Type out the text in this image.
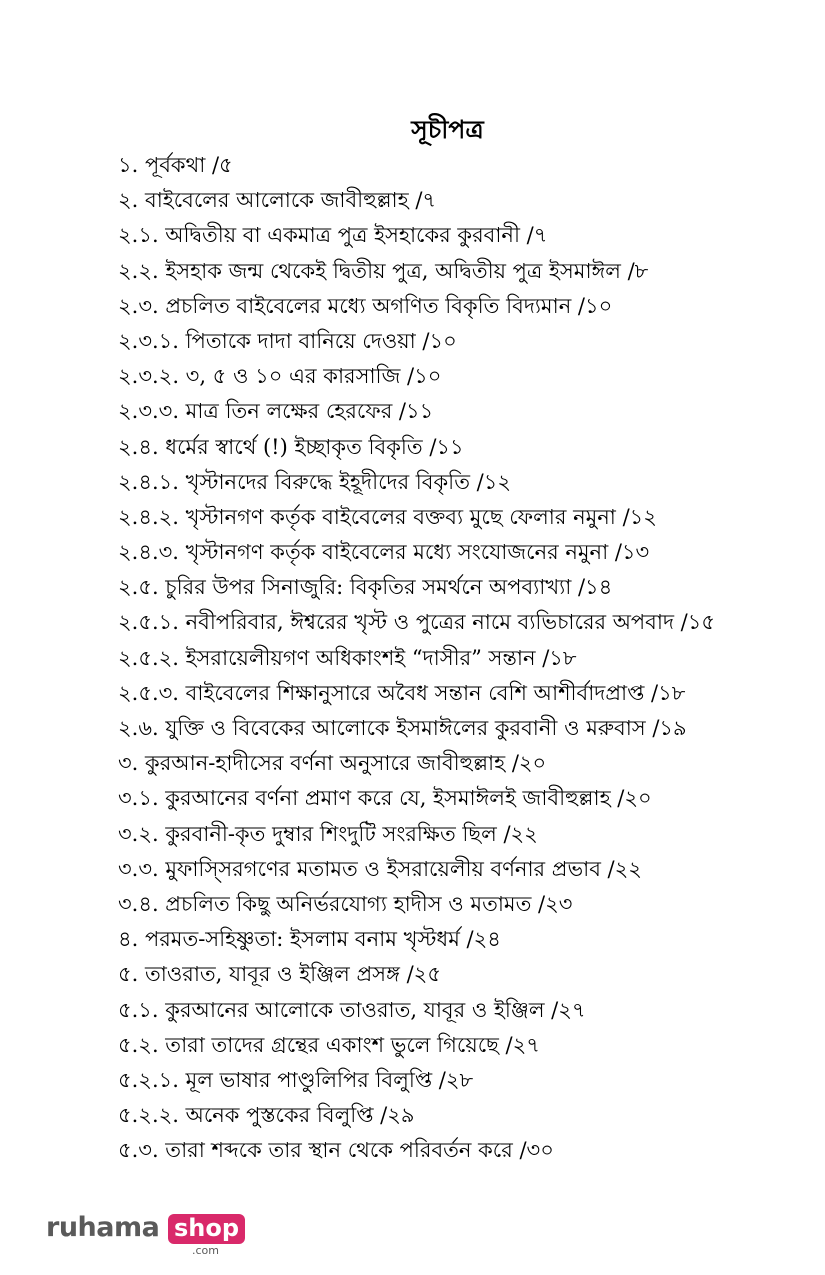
সূচীপত্র
১. পূর্বকথা /৫
২. বাইবেলের আলোকে জাবীহুল্লাহ /৭
২.১. অদ্বিতীয় বা একমাত্র পুত্র ইসহাকের কুরবানী /৭
২.২. ইসহাক জন্ম থেকেই দ্বিতীয় পুত্র, অদ্বিতীয় পুত্র ইসমাঈল /৮
২.৩. প্রচলিত বাইবেলের মধ্যে অগণিত বিকৃতি বিদ্যমান /১০
২.৩.১. পিতাকে দাদা বানিয়ে দেওয়া /১০
২.৩.২. ৩, ৫ ও ১০ এর কারসাজি /১০
২.৩.৩. মাত্র তিন লক্ষের হেরফের /১১
২.৪. ধর্মের স্বার্থে (!) ইচ্ছাকৃত বিকৃতি /১১
২.৪.১. খৃস্টানদের বিরুদ্ধে ইহূদীদের বিকৃতি /১২
২.৪.২. খৃস্টানগণ কর্তৃক বাইবেলের বক্তব্য মুছে ফেলার নমুনা /১২
২.৪.৩. খৃস্টানগণ কর্তৃক বাইবেলের মধ্যে সংযোজনের নমুনা /১৩
২.৫. চুরির উপর সিনাজুরি: বিকৃতির সমর্থনে অপব্যাখ্যা /১৪
২.৫.১. নবীপরিবার, ঈশ্বরের খৃস্ট ও পুত্রের নামে ব্যভিচারের অপবাদ /১৫
২.৫.২. ইসরায়েলীয়গণ অধিকাংশই “দাসীর” সন্তান /১৮
২.৫.৩. বাইবেলের শিক্ষানুসারে অবৈধ সন্তান বেশি আশীর্বাদপ্রাপ্ত /১৮
২.৬. যুক্তি ও বিবেকের আলোকে ইসমাঈলের কুরবানী ও মরুবাস /১৯
৩. কুরআন-হাদীসের বর্ণনা অনুসারে জাবীহুল্লাহ /২০
৩.১. কুরআনের বর্ণনা প্রমাণ করে যে, ইসমাঈলই জাবীহুল্লাহ /২০
৩.২. কুরবানী-কৃত দুম্বার শিংদুটি সংরক্ষিত ছিল /২২
৩.৩. মুফাস্সিরগণের মতামত ও ইসরায়েলীয় বর্ণনার প্রভাব /২২
৩.৪. প্রচলিত কিছু অনির্ভরযোগ্য হাদীস ও মতামত /২৩
৪. পরমত-সহিষ্ণুতা: ইসলাম বনাম খৃস্টধর্ম /২৪
৫. তাওরাত, যাবূর ও ইঞ্জিল প্রসঙ্গ /২৫
৫.১. কুরআনের আলোকে তাওরাত, যাবূর ও ইঞ্জিল /২৭
৫.২. তারা তাদের গ্রন্থের একাংশ ভুলে গিয়েছে /২৭
৫.২.১. মূল ভাষার পাণ্ডুলিপির বিলুপ্তি /২৮
৫.২.২. অনেক পুস্তকের বিলুপ্তি /২৯
৫.৩. তারা শব্দকে তার স্থান থেকে পরিবর্তন করে /৩০
ruhama shop
.com
